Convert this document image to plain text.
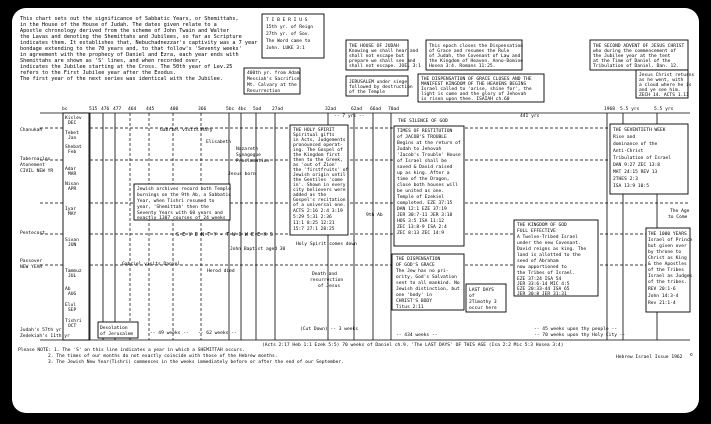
This chart sets out the significance of Sabbatic Years, or Shemittahs,
in the House of the House of Judah. The dates given relate to a
Apostle chronology derived from the scheme of John Twain and Walter
the Lavas and denoting the Shemittahs and Jubilees, so far as Scripture
indicates them. It establishes that, Nebuchadnezzar's captivity was a 7 year
bondage extending to the 70 years and, to that follow's 'Seventy weeks'
in agreement with the prophecy of Daniel and Ezra, each year ends with
Shemittahs are shown as 'S' lines, and when recorded over,
indicates the Jubilee starting at the Cross. The 50th year of Lev.25
refers to the First Jubilee year after the Exodus.
The first year of the next series was identical with the Jubilee.
T I B E R I U S
15th yr. of Reign
27th yr. of Sov.
The Word came to
John. LUKE 3:1	THE HOUSE OF JUDAH
Knowing we shall hear and
shall not escape but
prepare we shall see and
shall not escape. JOEL 3:1
This epoch closes the Dispensation
of Grace and resumes the Rule
of Judah, the Covenant of Law and
the Kingdom of Heaven. Anno-Domine
Hosea 3:4. Romans 11:25.
THE SECOND ADVENT OF JESUS CHRIST
who during the commencement of
the Jubilee year at the tent
at the Time of Daniel of the
Tribulation of Daniel. Dan. 12.
400th yr. from Adam
Messiah's Sacrifice
Mt. Calvary at the
Resurrection
JERUSALEM under siege
followed by destruction
of the Temple
THE DISPENSATION OF GRACE CLOSES AND THE
MANIFEST KINGDOM OF THE HEAVENS BEGINS
Israel called to 'arise, shine for', the
light is come and the glory of Jehovah
is risen upon thee. ISAIAH ch.60
Jesus Christ returns
as he went, with
a cloud where he is
and ye see him.
ZECH 14. ACTS 1.11
bc	515 476 477 464 445	400	366	5bc 4bc 5ad 27ad	32ad	62ad 66ad 70ad	1968 5.5 yrs	5.5 yrs
-- 7 yrs --
THE SILENCE OF GOD
441 yrs
Kislev
DEC
Tebet
Jan
Shebat
Feb
Adar
MAR
Nisan
APR
Iyar
MAY
Sivan
JUN
Tammuz
JUL
Ab
AUG
Elul
SEP
Tishri
OCT
Chanukah
Tabernacles
Atonement
CIVIL NEW YR
Pentecost
Passover
NEW YEAR
Gabriel visits Mary
Elisabeth
Nazareth
Synagogue
Proclamation
Jesus born
Gabriel visits Daniel
Herod died
John Baptist aged 30
Jewish archives record both Temple
burnings on the 9th Ab, a Sabbatic
Year, when Tishri resumed to
year, 'Shemittah' then the
Seventy Years with 60 years and
exactly 1307 courses of 24 weeks
S E V E N T Y - T W O W E E K S
THE HOLY SPIRIT
Spiritual gifts
in Acts, Judgements
pronounced operat-
ing. The Gospel of
the Kingdom first
then to the Greek,
as 'out of Zion'
the 'firstfruits' of
Jewish origin until
the Gentiles 'come
in'. Shown in every
city believers were
added as the
Gospel's recitation
of a universal one.
ACTS 2:16 2:4 3:19
5:29 5:31 2:36
11:1 8:25 12:21
15:7 27:1 28:25
Holy Spirit comes down
Death and
resurrection
of Jesus
TIMES OF RESTITUTION
of JACOB'S TROUBLE
Begins at the return of
Judah to Jehovah
'Jacob's Trouble' House
of Israel shall be
saved & David raised
up as king. After a
time of the Dragon,
close both houses will
be united as one.
Temple of Ezekiel
completed. EZE 37:15
DAN 12:1 EZE 37:19
JER 30:7-11 JER 3:18
HOS 3:5 ISA 11:12
ZEC 13:8-9 ISA 2:4
ZEC 8:13 ZEC 14:9
9th Ab
THE DISPENSATION
OF GOD'S GRACE
The Jew has no pri-
ority, God's Salvation
sent to all mankind. No
Jewish distinction, but
one 'body' in
CHRIST'S BODY
Titus 2:11
LAST DAYS
of
2Timothy 3
occur here
THE KINGDOM OF GOD
FULL EFFECTIVE
A Twelve-Tribed Israel
under the new Covenant.
David reigns as king. The
land is allotted to the
seed of Abraham
now apportioned to
the Tribes of Israel.
EZE 37:24 ISA 54
JER 33:6-14 MIC 4:5
EZE 20:33-44 ISA 65
JER 30:8 JER 31:31
THE SEVENTIETH WEEK
Rise and
dominance of the
Anti-Christ
Tribulation of Israel
DAN 9:27 ZEC 13:8
MAT 24:15 REV 13
2THES 2:3
ISA 13:9 10:5
The Age
to Come
THE 1000 YEARS
Israel of Prince
but given over
by throne to
Christ as King
& the Apostles
of the Tribes
Israel as Judges
of the tribes.
REV 20:1-6
John 14:3-4
Rev 21:1-4
Judah's 57th yr
Zedekiah's 11th yr
Desolation
of Jerusalem	-- 49 weeks -- -- 62 weeks --
(Cut Down) -- 3 weeks	-- 45 weeks upon thy people --
-- 70 weeks upon thy Holy City --
-- 434 weeks --
(Acts 2:17 Heb 1:1 Ezek 5:5) 70 weeks of Daniel ch.9. 'The LAST DAYS' OF THIS AGE (Isa 2:2 Mic 5:3 Hosea 3:4)
Please NOTE: 1. The 'S' on this line indicates a year in which a SHEMITTAH occurs.
2. The times of our months do not exactly coincide with those of the Hebrew months.
3. The Jewish New Year(Tishri) commences in the weeks immediately before or after the end of our September.
Hebrew Israel Issue 1962 ©
